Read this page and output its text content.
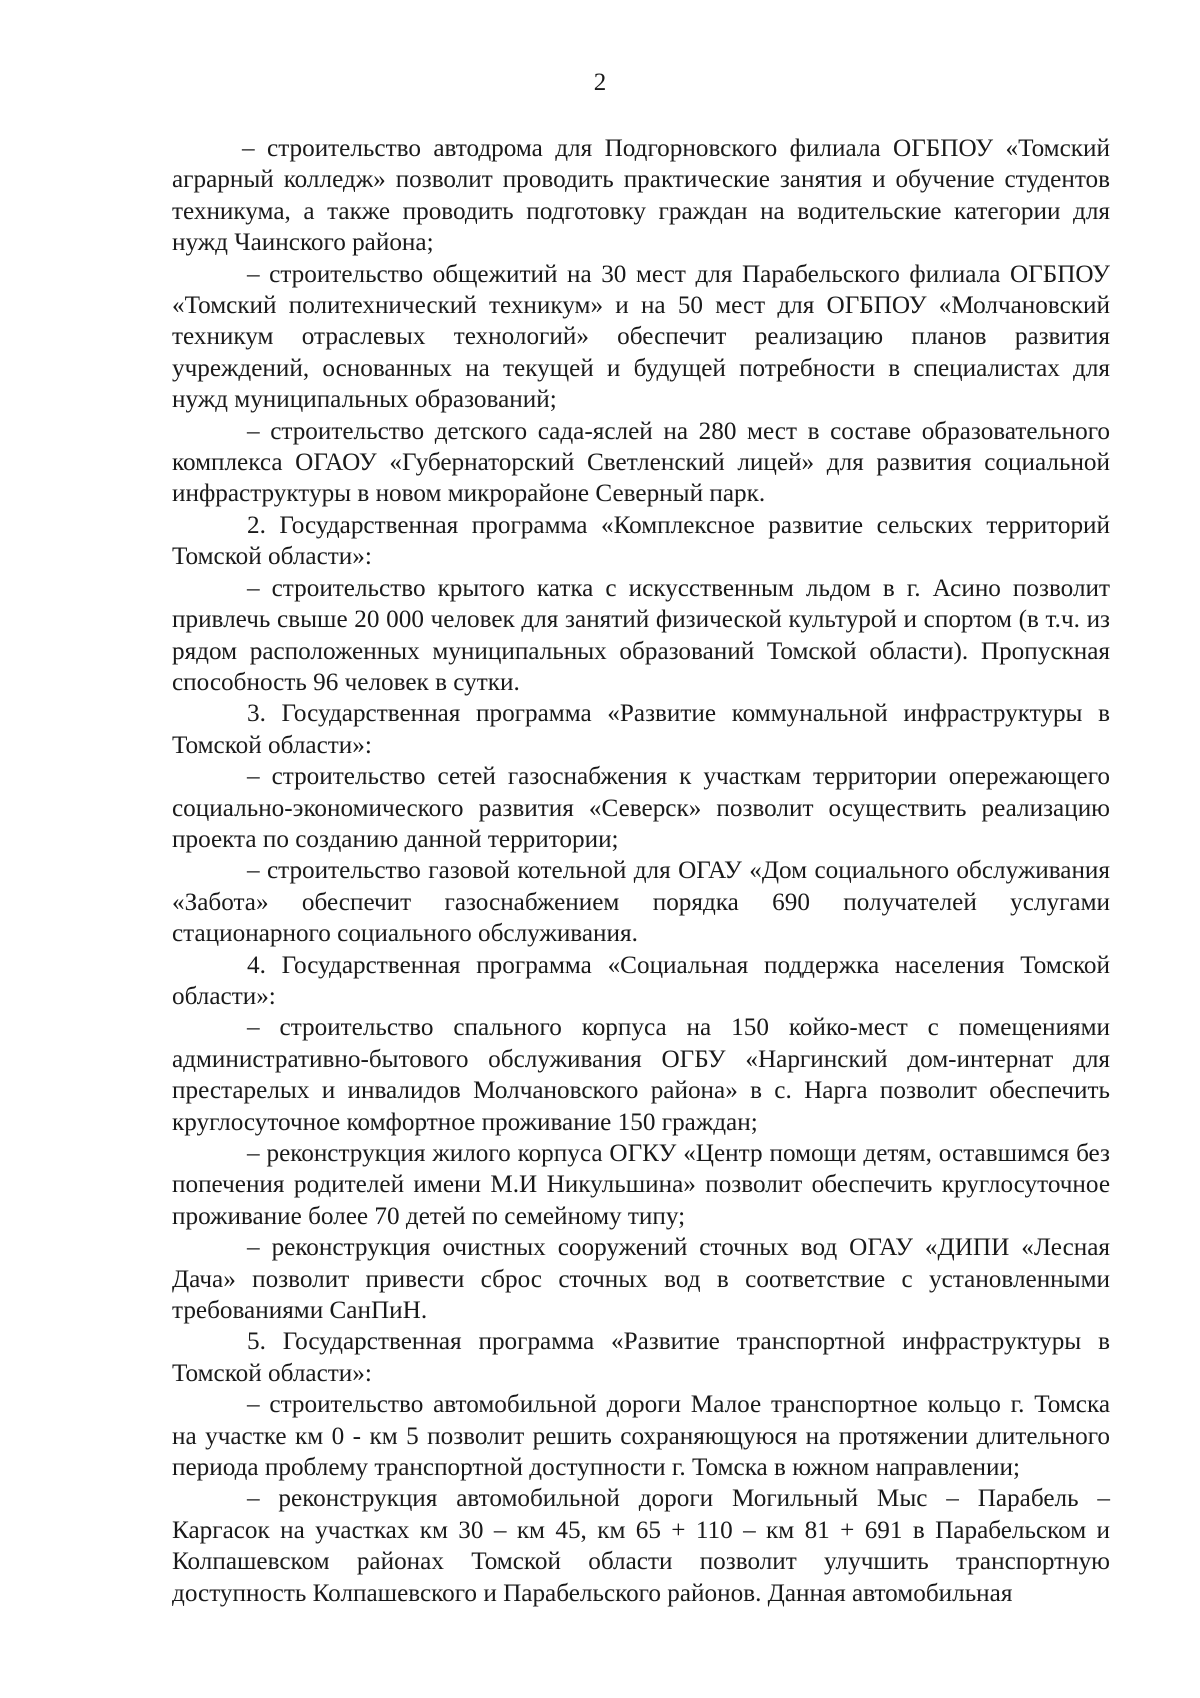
2

– строительство автодрома для Подгорновского филиала ОГБПОУ «Томский аграрный колледж» позволит проводить практические занятия и обучение студентов техникума, а также проводить подготовку граждан на водительские категории для нужд Чаинского района;

– строительство общежитий на 30 мест для Парабельского филиала ОГБПОУ «Томский политехнический техникум» и на 50 мест для ОГБПОУ «Молчановский техникум отраслевых технологий» обеспечит реализацию планов развития учреждений, основанных на текущей и будущей потребности в специалистах для нужд муниципальных образований;

– строительство детского сада-яслей на 280 мест в составе образовательного комплекса ОГАОУ «Губернаторский Светленский лицей» для развития социальной инфраструктуры в новом микрорайоне Северный парк.

2. Государственная программа «Комплексное развитие сельских территорий Томской области»:

– строительство крытого катка с искусственным льдом в г. Асино позволит привлечь свыше 20 000 человек для занятий физической культурой и спортом (в т.ч. из рядом расположенных муниципальных образований Томской области). Пропускная способность 96 человек в сутки.

3. Государственная программа «Развитие коммунальной инфраструктуры в Томской области»:

– строительство сетей газоснабжения к участкам территории опережающего социально-экономического развития «Северск» позволит осуществить реализацию проекта по созданию данной территории;

– строительство газовой котельной для ОГАУ «Дом социального обслуживания «Забота» обеспечит газоснабжением порядка 690 получателей услугами стационарного социального обслуживания.

4. Государственная программа «Социальная поддержка населения Томской области»:

– строительство спального корпуса на 150 койко-мест с помещениями административно-бытового обслуживания ОГБУ «Наргинский дом-интернат для престарелых и инвалидов Молчановского района» в с. Нарга позволит обеспечить круглосуточное комфортное проживание 150 граждан;

– реконструкция жилого корпуса ОГКУ «Центр помощи детям, оставшимся без попечения родителей имени М.И Никульшина» позволит обеспечить круглосуточное проживание более 70 детей по семейному типу;

– реконструкция очистных сооружений сточных вод ОГАУ «ДИПИ «Лесная Дача» позволит привести сброс сточных вод в соответствие с установленными требованиями СанПиН.

5. Государственная программа «Развитие транспортной инфраструктуры в Томской области»:

– строительство автомобильной дороги Малое транспортное кольцо г. Томска на участке км 0 - км 5 позволит решить сохраняющуюся на протяжении длительного периода проблему транспортной доступности г. Томска в южном направлении;

– реконструкция автомобильной дороги Могильный Мыс – Парабель – Каргасок на участках км 30 – км 45, км 65 + 110 – км 81 + 691 в Парабельском и Колпашевском районах Томской области позволит улучшить транспортную доступность Колпашевского и Парабельского районов. Данная автомобильная
